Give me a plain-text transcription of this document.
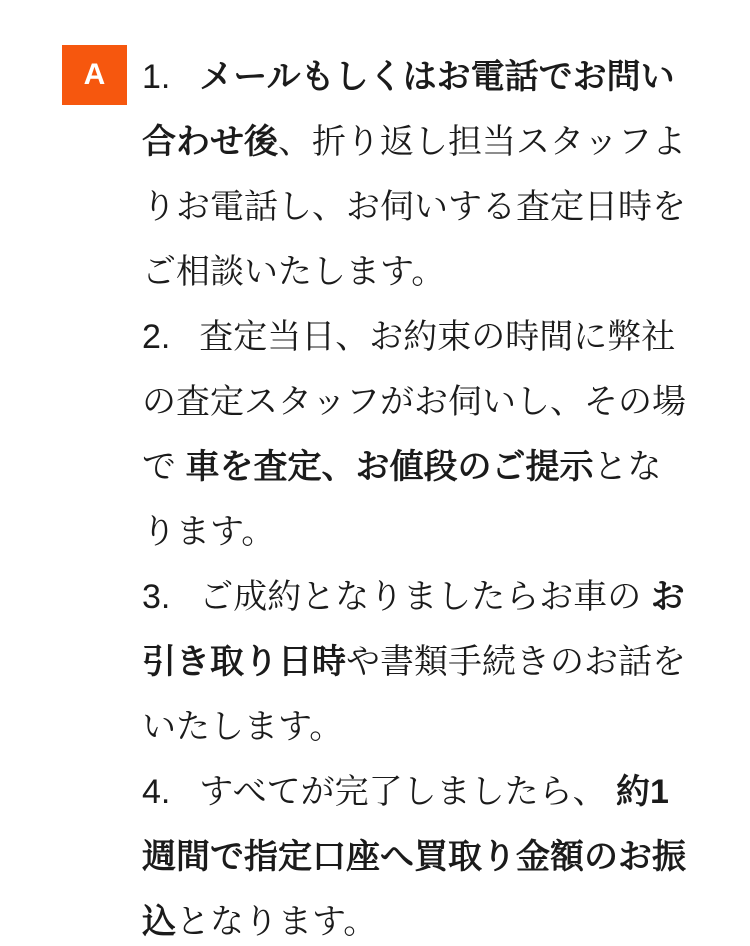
A 1. メールもしくはお電話でお問い合わせ後、折り返し担当スタッフよりお電話し、お伺いする査定日時をご相談いたします。

2. 査定当日、お約束の時間に弊社の査定スタッフがお伺いし、その場で 車を査定、お値段のご提示となります。

3. ご成約となりましたらお車の お引き取り日時や書類手続きのお話をいたします。

4. すべてが完了しましたら、 約1週間で指定口座へ買取り金額のお振込となります。
